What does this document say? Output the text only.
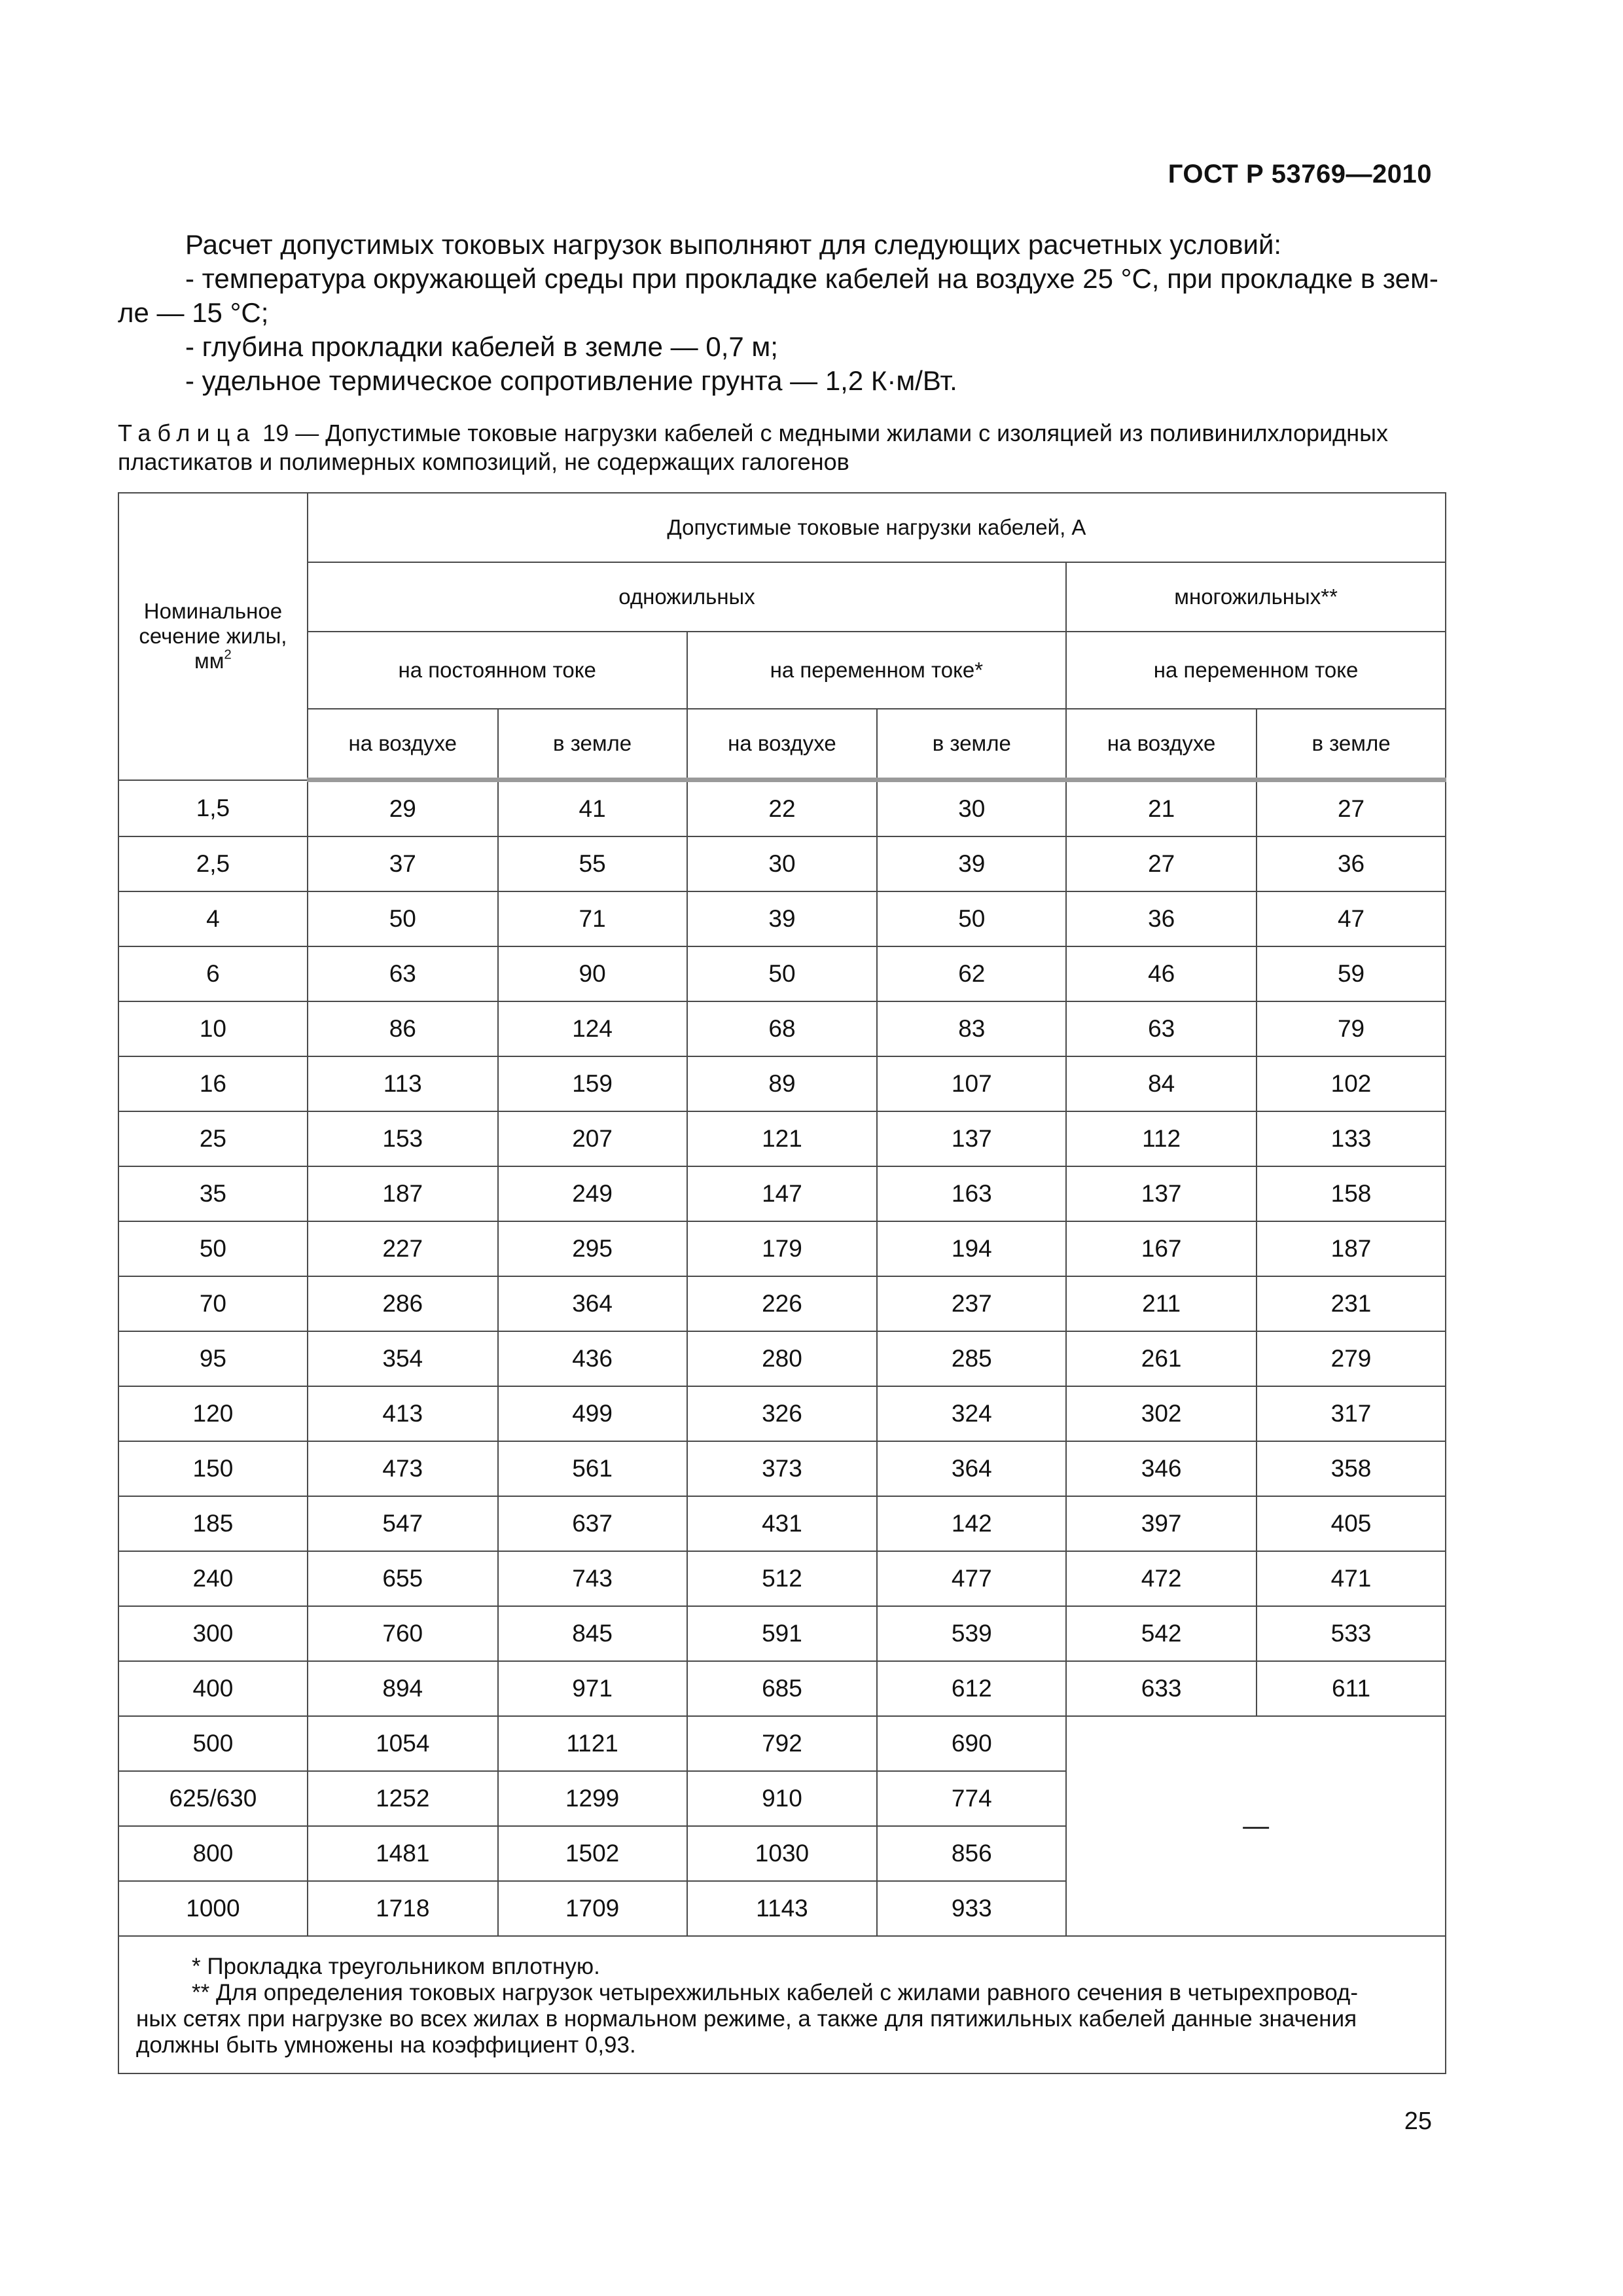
ГОСТ Р 53769—2010

Расчет допустимых токовых нагрузок выполняют для следующих расчетных условий:

- температура окружающей среды при прокладке кабелей на воздухе 25 °С, при прокладке в зем-

ле — 15 °С;

- глубина прокладки кабелей в земле — 0,7 м;

- удельное термическое сопротивление грунта — 1,2 К·м/Вт.

Таблица 19 — Допустимые токовые нагрузки кабелей с медными жилами с изоляцией из поливинилхлоридных
пластикатов и полимерных композиций, не содержащих галогенов
Номинальное сечение жилы, $мм^2$	Допустимые токовые нагрузки кабелей, А					
	одножильных				многожильных**	
	на постоянном токе		на переменном токе*		на переменном токе	
	на воздухе	в земле	на воздухе	в земле	на воздухе	в земле
1,5	29	41	22	30	21	27
2,5	37	55	30	39	27	36
4	50	71	39	50	36	47
6	63	90	50	62	46	59
10	86	124	68	83	63	79
16	113	159	89	107	84	102
25	153	207	121	137	112	133
35	187	249	147	163	137	158
50	227	295	179	194	167	187
70	286	364	226	237	211	231
95	354	436	280	285	261	279
120	413	499	326	324	302	317
150	473	561	373	364	346	358
185	547	637	431	142	397	405
240	655	743	512	477	472	471
300	760	845	591	539	542	533
400	894	971	685	612	633	611
500	1054	1121	792	690	—	
625/630	1252	1299	910	774		
800	1481	1502	1030	856		
1000	1718	1709	1143	933		

* Прокладка треугольником вплотную.

** Для определения токовых нагрузок четырехжильных кабелей с жилами равного сечения в четырехпровод-

ных сетях при нагрузке во всех жилах в нормальном режиме, а также для пятижильных кабелей данные значения

должны быть умножены на коэффициент 0,93.						

25
